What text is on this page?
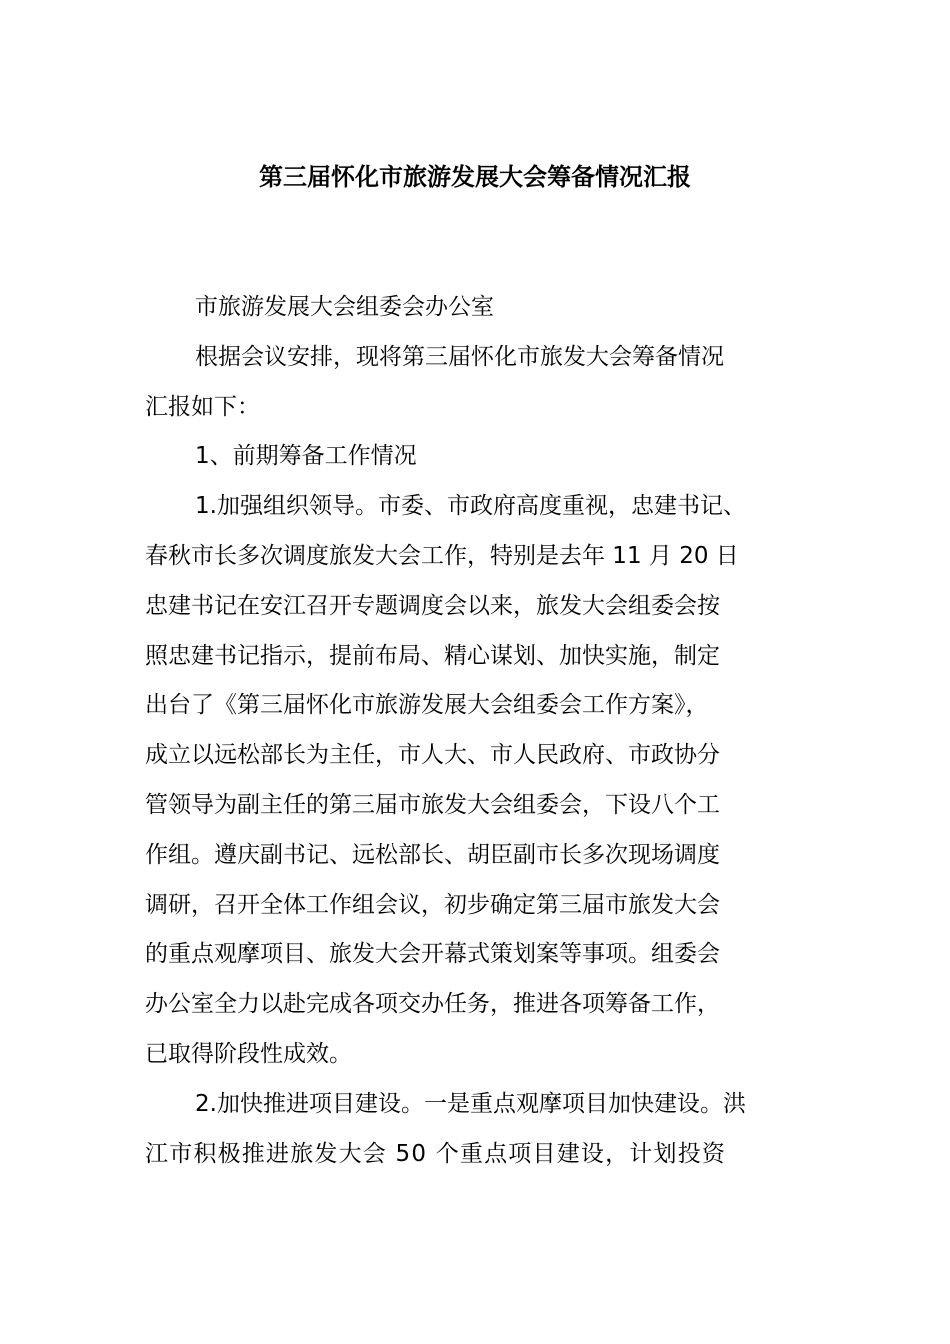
第三届怀化市旅游发展大会筹备情况汇报
市旅游发展大会组委会办公室
根据会议安排，现将第三届怀化市旅发大会筹备情况
汇报如下：
1、前期筹备工作情况
1.加强组织领导。市委、市政府高度重视，忠建书记、
春秋市长多次调度旅发大会工作，特别是去年 11 月 20 日
忠建书记在安江召开专题调度会以来，旅发大会组委会按
照忠建书记指示，提前布局、精心谋划、加快实施，制定
出台了《第三届怀化市旅游发展大会组委会工作方案》，
成立以远松部长为主任，市人大、市人民政府、市政协分
管领导为副主任的第三届市旅发大会组委会，下设八个工
作组。遵庆副书记、远松部长、胡臣副市长多次现场调度
调研，召开全体工作组会议，初步确定第三届市旅发大会
的重点观摩项目、旅发大会开幕式策划案等事项。组委会
办公室全力以赴完成各项交办任务，推进各项筹备工作，
已取得阶段性成效。
2.加快推进项目建设。一是重点观摩项目加快建设。洪
江市积极推进旅发大会 50 个重点项目建设，计划投资
